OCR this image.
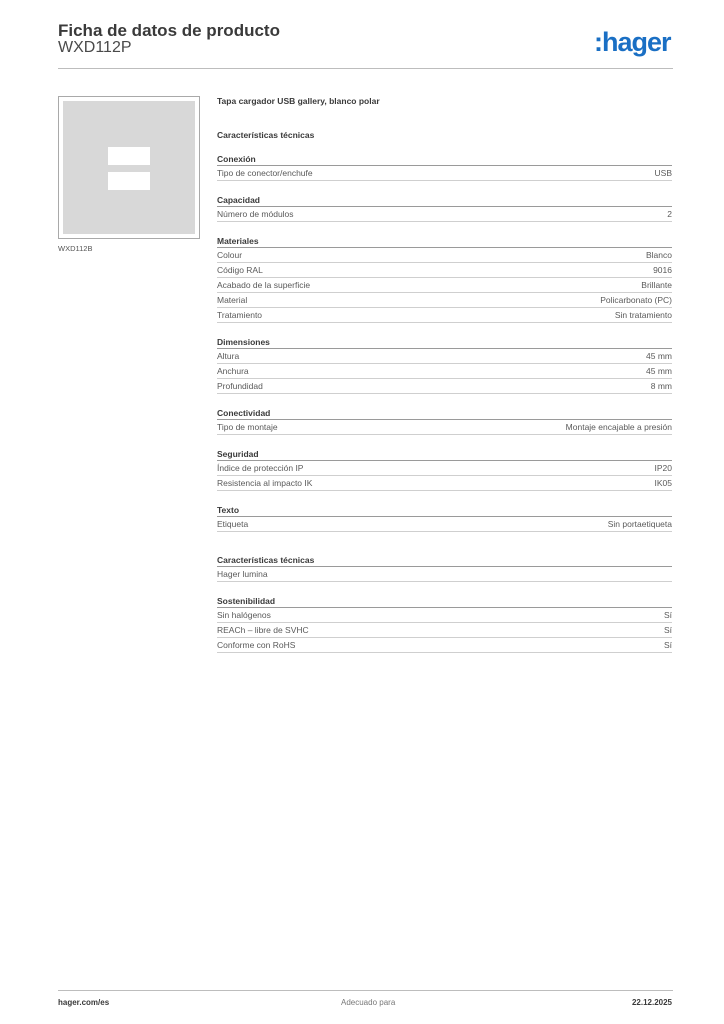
Ficha de datos de producto
WXD112P	:hager
WXD112B
Tapa cargador USB gallery, blanco polar
Características técnicas
Conexión
Tipo de conector/enchufe	USB
Capacidad
Número de módulos	2
Materiales
Colour	Blanco
Código RAL	9016
Acabado de la superficie	Brillante
Material	Policarbonato (PC)
Tratamiento	Sin tratamiento
Dimensiones
Altura	45 mm
Anchura	45 mm
Profundidad	8 mm
Conectividad
Tipo de montaje	Montaje encajable a presión
Seguridad
Índice de protección IP	IP20
Resistencia al impacto IK	IK05
Texto
Etiqueta	Sin portaetiqueta
Características técnicas
Hager lumina
Sostenibilidad
Sin halógenos	Sí
REACh – libre de SVHC	Sí
Conforme con RoHS	Sí
hager.com/es	Adecuado para	22.12.2025
